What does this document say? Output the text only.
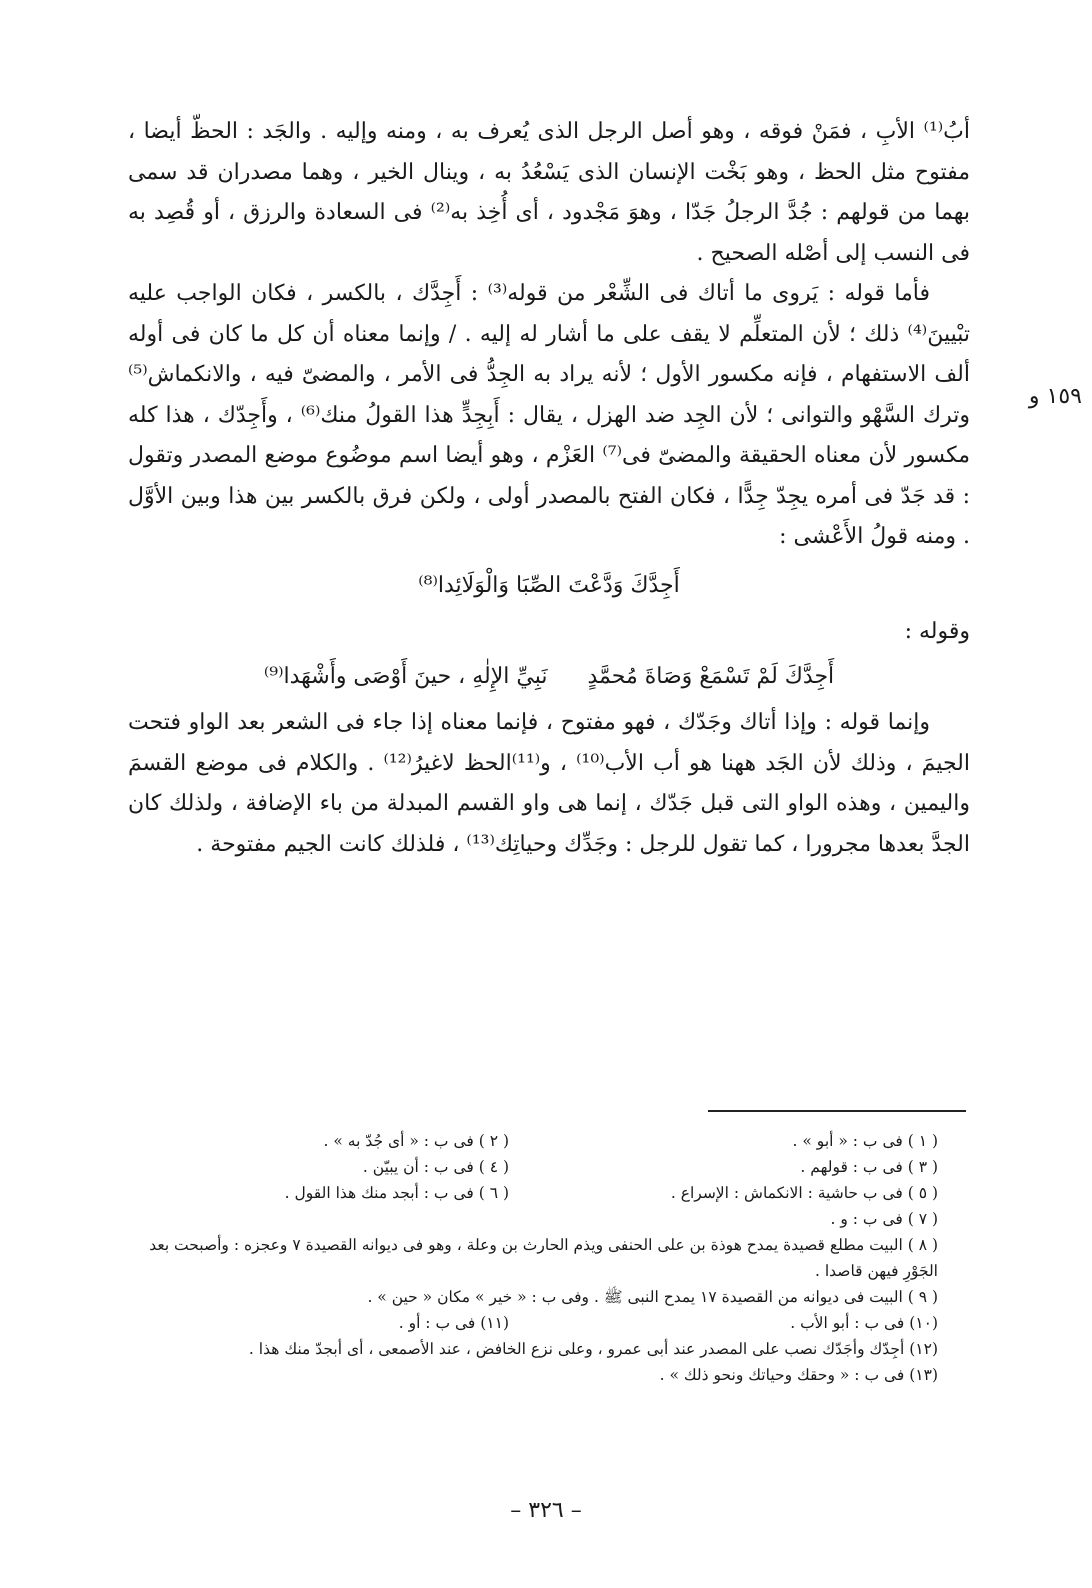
أبُ⁽¹⁾ الأبِ ، فمَنْ فوقه ، وهو أصل الرجل الذى يُعرف به ، ومنه وإليه . والجَد : الحظّ أيضا ، مفتوح مثل الحظ ، وهو بَخْت الإنسان الذى يَسْعُدُ به ، وينال الخير ، وهما مصدران قد سمى بهما من قولهم : جُدَّ الرجلُ جَدّا ، وهوَ مَجْدود ، أى أُخِذ به⁽²⁾ فى السعادة والرزق ، أو قُصِد به فى النسب إلى أصْله الصحيح .

فأما قوله : يَروى ما أتاك فى الشِّعْر من قوله⁽³⁾ : أَجِدَّك ، بالكسر ، فكان الواجب عليه تبْيينَ⁽⁴⁾ ذلك ؛ لأن المتعلِّم لا يقف على ما أشار له إليه . / وإنما معناه أن كل ما كان فى أوله ألف الاستفهام ، فإنه مكسور الأول ؛ لأنه يراد به الجِدُّ فى الأمر ، والمضىّ فيه ، والانكماش⁽⁵⁾ وترك السَّهْو والتوانى ؛ لأن الجِد ضد الهزل ، يقال : أَبِجِدٍّ هذا القولُ منك⁽⁶⁾ ، وأَجِدّك ، هذا كله مكسور لأن معناه الحقيقة والمضىّ فى⁽⁷⁾ العَزْم ، وهو أيضا اسم موضُوع موضع المصدر وتقول : قد جَدّ فى أمره يجِدّ جِدًّا ، فكان الفتح بالمصدر أولى ، ولكن فرق بالكسر بين هذا وبين الأوَّل . ومنه قولُ الأَعْشى :

أَجِدَّكَ وَدَّعْتَ الصِّبَا وَالْوَلَائِدا⁽⁸⁾

وقوله :

أَجِدَّكَ لَمْ تَسْمَعْ وَصَاةَ مُحمَّدٍ
نَبِيِّ الإِلٰهِ ، حينَ أَوْصَى وأَشْهَدا⁽⁹⁾

وإنما قوله : وإذا أتاك وجَدّك ، فهو مفتوح ، فإنما معناه إذا جاء فى الشعر بعد الواو فتحت الجيمَ ، وذلك لأن الجَد ههنا هو أب الأب⁽¹⁰⁾ ، و⁽¹¹⁾الحظ لاغيرُ⁽¹²⁾ . والكلام فى موضع القسمَ واليمين ، وهذه الواو التى قبل جَدّك ، إنما هى واو القسم المبدلة من باء الإضافة ، ولذلك كان الجدَّ بعدها مجرورا ، كما تقول للرجل : وجَدِّك وحياتِك⁽¹³⁾ ، فلذلك كانت الجيم مفتوحة .

١٥٩ و
( ١ ) فى ب : « أبو » .
( ٢ ) فى ب : « أى جُدّ به » .
( ٣ ) فى ب : قولهم .
( ٤ ) فى ب : أن يبيّن .
( ٥ ) فى ب حاشية : الانكماش : الإسراع .
( ٦ ) فى ب : أبجد منك هذا القول .
( ٧ ) فى ب : و .
( ٨ ) البيت مطلع قصيدة يمدح هوذة بن على الحنفى ويذم الحارث بن وعلة ، وهو فى ديوانه القصيدة ٧ وعجزه : وأصبحت بعد الجَوْرِ فيهن قاصدا .
( ٩ ) البيت فى ديوانه من القصيدة ١٧ يمدح النبى ﷺ . وفى ب : « خير » مكان « حين » .
(١٠) فى ب : أبو الأب .
(١١) فى ب : أو .
(١٢) أجِدّك وأجَدّك نصب على المصدر عند أبى عمرو ، وعلى نزع الخافض ، عند الأصمعى ، أى أبجدّ منك هذا .
(١٣) فى ب : « وحقك وحياتك ونحو ذلك » .
– ٣٢٦ –
